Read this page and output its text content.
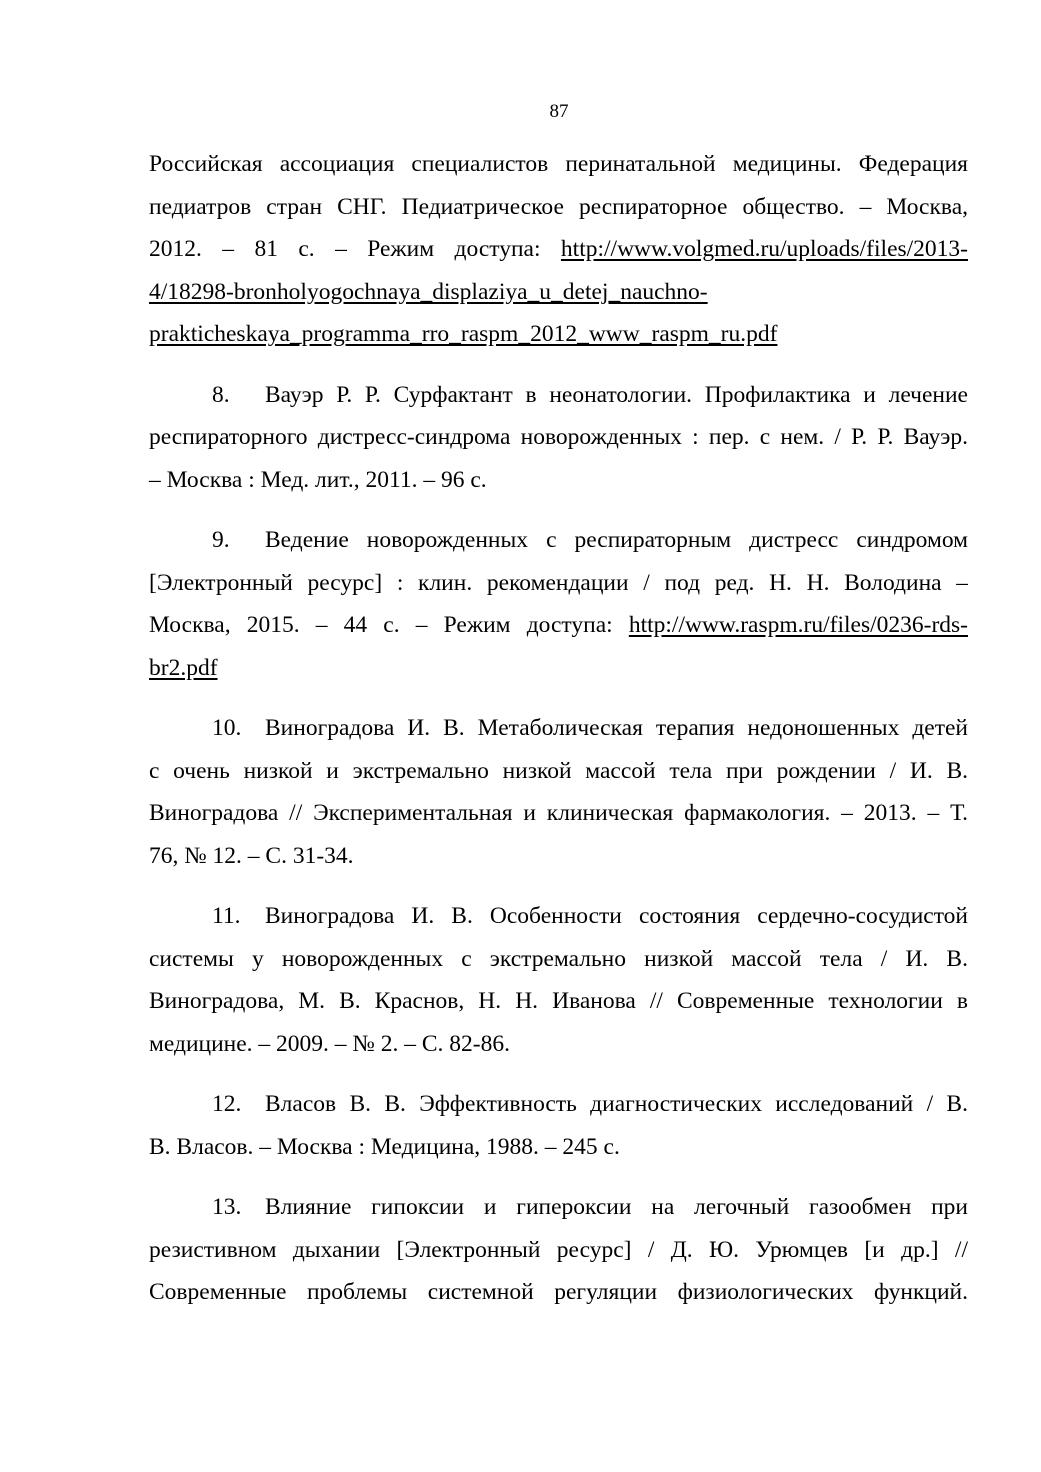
87
Российская ассоциация специалистов перинатальной медицины. Федерация
педиатров стран СНГ. Педиатрическое респираторное общество. – Москва,
2012. – 81 с. – Режим доступа: http://www.volgmed.ru/uploads/files/2013-
4/18298-bronholyogochnaya_displaziya_u_detej_nauchno-
prakticheskaya_programma_rro_raspm_2012_www_raspm_ru.pdf
8. Вауэр Р. Р. Сурфактант в неонатологии. Профилактика и лечение
респираторного дистресс-синдрома новорожденных : пер. с нем. / Р. Р. Вауэр.
– Москва : Мед. лит., 2011. – 96 с.
9. Ведение новорожденных с респираторным дистресс синдромом
[Электронный ресурс] : клин. рекомендации / под ред. Н. Н. Володина –
Москва, 2015. – 44 с. – Режим доступа: http://www.raspm.ru/files/0236-rds-
br2.pdf
10. Виноградова И. В. Метаболическая терапия недоношенных детей
с очень низкой и экстремально низкой массой тела при рождении / И. В.
Виноградова // Экспериментальная и клиническая фармакология. – 2013. – Т.
76, № 12. – С. 31-34.
11. Виноградова И. В. Особенности состояния сердечно-сосудистой
системы у новорожденных с экстремально низкой массой тела / И. В.
Виноградова, М. В. Краснов, Н. Н. Иванова // Современные технологии в
медицине. – 2009. – № 2. – С. 82-86.
12. Власов В. В. Эффективность диагностических исследований / В.
В. Власов. – Москва : Медицина, 1988. – 245 с.
13. Влияние гипоксии и гипероксии на легочный газообмен при
резистивном дыхании [Электронный ресурс] / Д. Ю. Урюмцев [и др.] //
Современные проблемы системной регуляции физиологических функций.
